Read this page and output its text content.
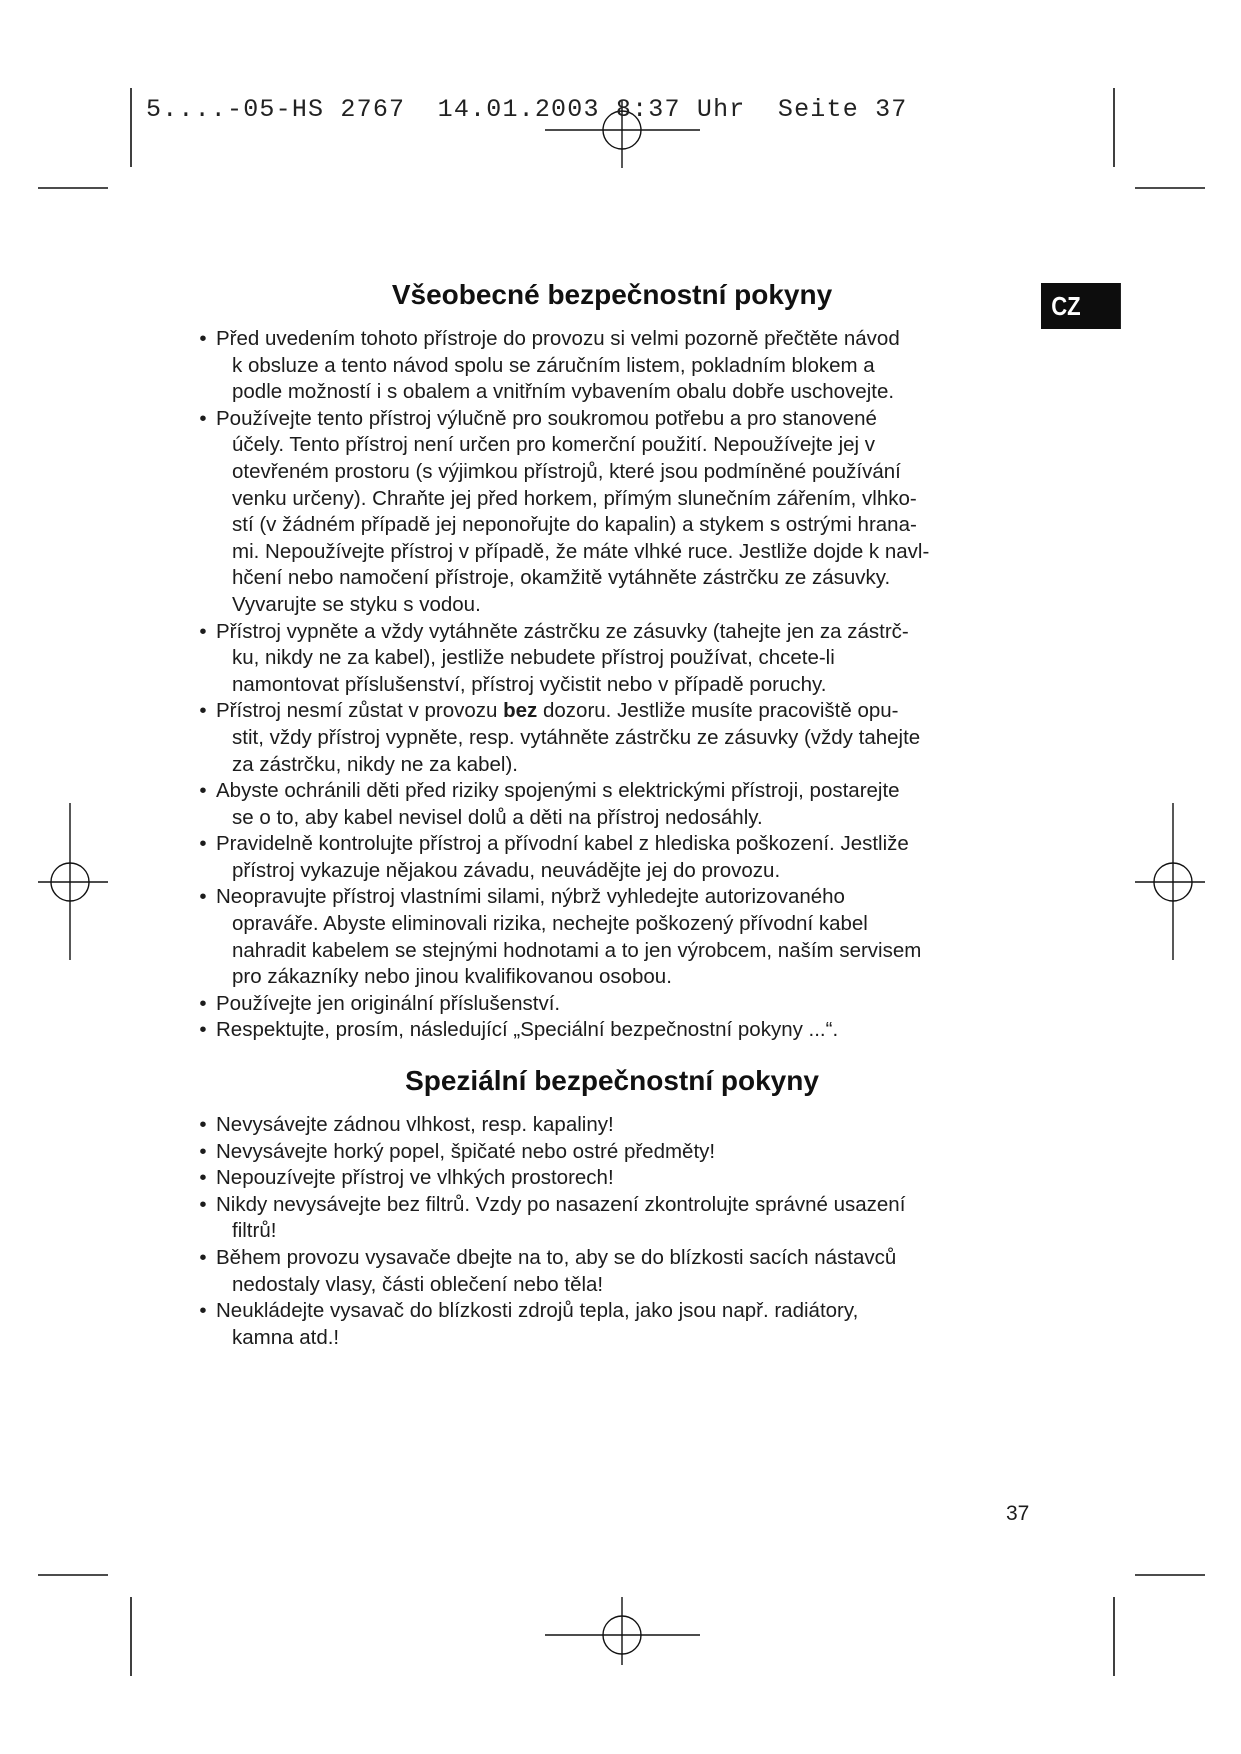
5....-05-HS 2767  14.01.2003 8:37 Uhr  Seite 37
CZ
Všeobecné bezpečnostní pokyny
• Před uvedením tohoto přístroje do provozu si velmi pozorně přečtěte návod
k obsluze a tento návod spolu se záručním listem, pokladním blokem a
podle možností i s obalem a vnitřním vybavením obalu dobře uschovejte.
• Používejte tento přístroj výlučně pro soukromou potřebu a pro stanovené
účely. Tento přístroj není určen pro komerční použití. Nepoužívejte jej v
otevřeném prostoru (s výjimkou přístrojů, které jsou podmíněné používání
venku určeny). Chraňte jej před horkem, přímým slunečním zářením, vlhko-
stí (v žádném případě jej neponořujte do kapalin) a stykem s ostrými hrana-
mi. Nepoužívejte přístroj v případě, že máte vlhké ruce. Jestliže dojde k navl-
hčení nebo namočení přístroje, okamžitě vytáhněte zástrčku ze zásuvky.
Vyvarujte se styku s vodou.
• Přístroj vypněte a vždy vytáhněte zástrčku ze zásuvky (tahejte jen za zástrč-
ku, nikdy ne za kabel), jestliže nebudete přístroj používat, chcete-li
namontovat příslušenství, přístroj vyčistit nebo v případě poruchy.
• Přístroj nesmí zůstat v provozu bez dozoru. Jestliže musíte pracoviště opu-
stit, vždy přístroj vypněte, resp. vytáhněte zástrčku ze zásuvky (vždy tahejte
za zástrčku, nikdy ne za kabel).
• Abyste ochránili děti před riziky spojenými s elektrickými přístroji, postarejte
se o to, aby kabel nevisel dolů a děti na přístroj nedosáhly.
• Pravidelně kontrolujte přístroj a přívodní kabel z hlediska poškození. Jestliže
přístroj vykazuje nějakou závadu, neuvádějte jej do provozu.
• Neopravujte přístroj vlastními silami, nýbrž vyhledejte autorizovaného
opraváře. Abyste eliminovali rizika, nechejte poškozený přívodní kabel
nahradit kabelem se stejnými hodnotami a to jen výrobcem, naším servisem
pro zákazníky nebo jinou kvalifikovanou osobou.
• Používejte jen originální příslušenství.
• Respektujte, prosím, následující „Speciální bezpečnostní pokyny ...“.
Speziální bezpečnostní pokyny
• Nevysávejte zádnou vlhkost, resp. kapaliny!
• Nevysávejte horký popel, špičaté nebo ostré předměty!
• Nepouzívejte přístroj ve vlhkých prostorech!
• Nikdy nevysávejte bez filtrů. Vzdy po nasazení zkontrolujte správné usazení
filtrů!
• Během provozu vysavače dbejte na to, aby se do blízkosti sacích nástavců
nedostaly vlasy, části oblečení nebo těla!
• Neukládejte vysavač do blízkosti zdrojů tepla, jako jsou např. radiátory,
kamna atd.!
37
